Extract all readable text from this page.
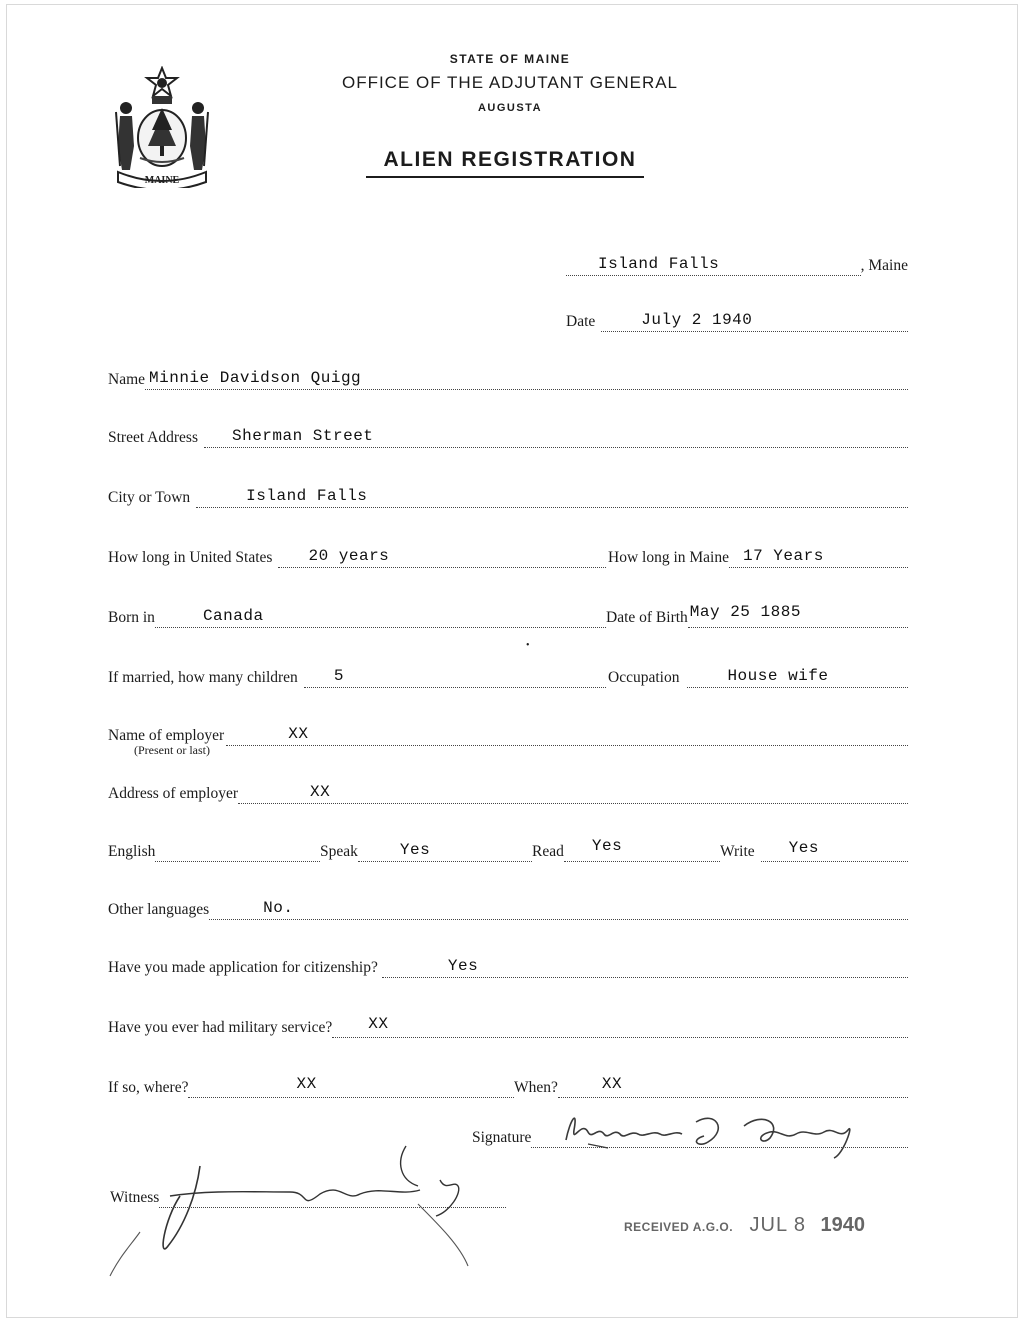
MAINE
STATE OF MAINE
OFFICE OF THE ADJUTANT GENERAL
AUGUSTA
ALIEN REGISTRATION
Island Falls	, Maine
Date	July 2 1940
Name Minnie Davidson Quigg
Street Address Sherman Street
City or Town	Island Falls
How long in United States 20 years	How long in Maine 17 Years
Born in	Canada	Date of Birth May 25 1885
•
If married, how many children 5	Occupation	House wife
Name of employer	XX
(Present or last)
Address of employer	XX
English	Speak	Yes	Read Yes	Write Yes
Other languages	No.
Have you made application for citizenship?	Yes
Have you ever had military service? XX
If so, where?	XX	When?	XX
Signature
Witness
RECEIVED A.G.O. JUL 8 1940
